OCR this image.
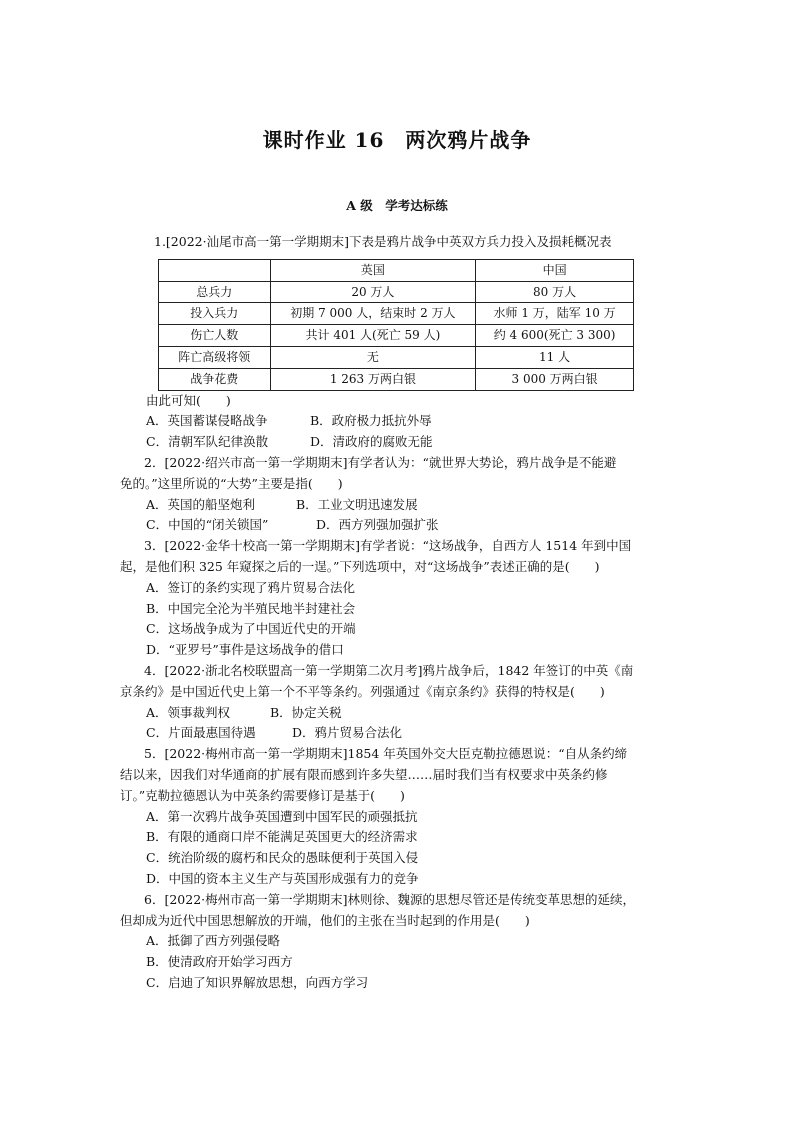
课时作业 16　两次鸦片战争
A 级　学考达标练

1.[2022·汕尾市高一第一学期期末]下表是鸦片战争中英双方兵力投入及损耗概况表

	英国	中国
总兵力	20 万人	80 万人
投入兵力	初期 7 000 人，结束时 2 万人	水师 1 万，陆军 10 万
伤亡人数	共计 401 人(死亡 59 人)	约 4 600(死亡 3 300)
阵亡高级将领	无	11 人
战争花费	1 263 万两白银	3 000 万两白银

由此可知(　　)

A．英国蓄谋侵略战争	B．政府极力抵抗外辱
C．清朝军队纪律涣散	D．清政府的腐败无能

2．[2022·绍兴市高一第一学期期末]有学者认为：“就世界大势论，鸦片战争是不能避

免的。”这里所说的“大势”主要是指(　　)

A．英国的船坚炮利	B．工业文明迅速发展
C．中国的“闭关锁国”	D．西方列强加强扩张

3．[2022·金华十校高一第一学期期末]有学者说：“这场战争，自西方人 1514 年到中国

起，是他们积 325 年窥探之后的一逞。”下列选项中，对“这场战争”表述正确的是(　　)

A．签订的条约实现了鸦片贸易合法化

B．中国完全沦为半殖民地半封建社会

C．这场战争成为了中国近代史的开端

D．“亚罗号”事件是这场战争的借口

4．[2022·浙北名校联盟高一第一学期第二次月考]鸦片战争后，1842 年签订的中英《南

京条约》是中国近代史上第一个不平等条约。列强通过《南京条约》获得的特权是(　　)

A．领事裁判权	B．协定关税
C．片面最惠国待遇	D．鸦片贸易合法化

5．[2022·梅州市高一第一学期期末]1854 年英国外交大臣克勒拉德恩说：“自从条约缔

结以来，因我们对华通商的扩展有限而感到许多失望……届时我们当有权要求中英条约修

订。”克勒拉德恩认为中英条约需要修订是基于(　　)

A．第一次鸦片战争英国遭到中国军民的顽强抵抗

B．有限的通商口岸不能满足英国更大的经济需求

C．统治阶级的腐朽和民众的愚昧便利于英国入侵

D．中国的资本主义生产与英国形成强有力的竞争

6．[2022·梅州市高一第一学期期末]林则徐、魏源的思想尽管还是传统变革思想的延续，

但却成为近代中国思想解放的开端，他们的主张在当时起到的作用是(　　)

A．抵御了西方列强侵略

B．使清政府开始学习西方

C．启迪了知识界解放思想，向西方学习
